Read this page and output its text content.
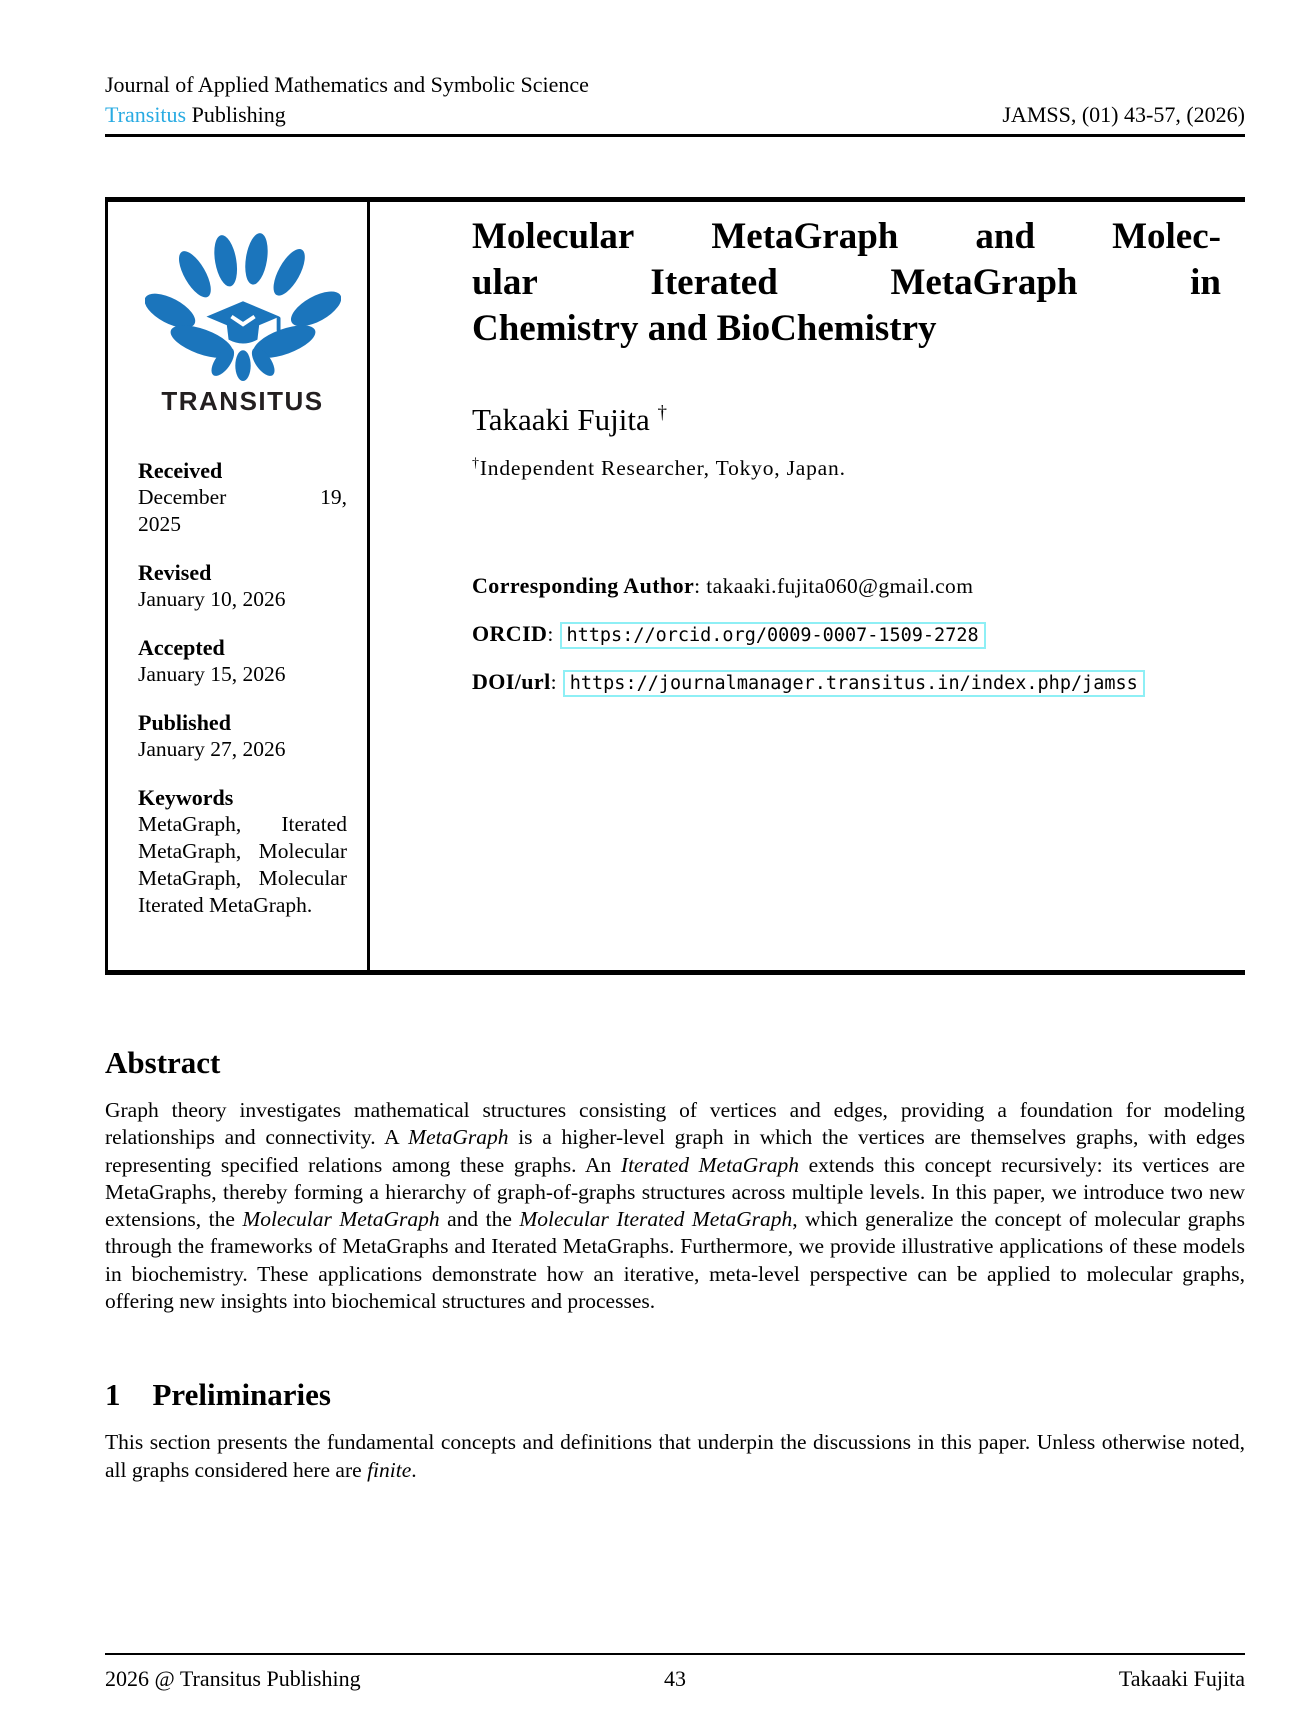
Journal of Applied Mathematics and Symbolic Science
Transitus Publishing	JAMSS, (01) 43-57, (2026)
TRANSITUS
Received
December	19,
2025
Revised
January 10, 2026
Accepted
January 15, 2026
Published
January 27, 2026
Keywords
MetaGraph, Iterated MetaGraph, Molecular MetaGraph, Molecular Iterated MetaGraph.
Molecular MetaGraph and Molec-
ular	Iterated	MetaGraph	in
Chemistry and BioChemistry
Takaaki Fujita †
†Independent Researcher, Tokyo, Japan.
Corresponding Author: takaaki.fujita060@gmail.com
ORCID: https://orcid.org/0009-0007-1509-2728
DOI/url: https://journalmanager.transitus.in/index.php/jamss
Abstract

Graph theory investigates mathematical structures consisting of vertices and edges, providing a foundation for modeling relationships and connectivity. A MetaGraph is a higher-level graph in which the vertices are themselves graphs, with edges representing specified relations among these graphs. An Iterated MetaGraph extends this concept recursively: its vertices are MetaGraphs, thereby forming a hierarchy of graph-of-graphs structures across multiple levels. In this paper, we introduce two new extensions, the Molecular MetaGraph and the Molecular Iterated MetaGraph, which generalize the concept of molecular graphs through the frameworks of MetaGraphs and Iterated MetaGraphs. Furthermore, we provide illustrative applications of these models in biochemistry. These applications demonstrate how an iterative, meta-level perspective can be applied to molecular graphs, offering new insights into biochemical structures and processes.

1 Preliminaries

This section presents the fundamental concepts and definitions that underpin the discussions in this paper. Unless otherwise noted, all graphs considered here are finite.

2026 @ Transitus Publishing	43	Takaaki Fujita
